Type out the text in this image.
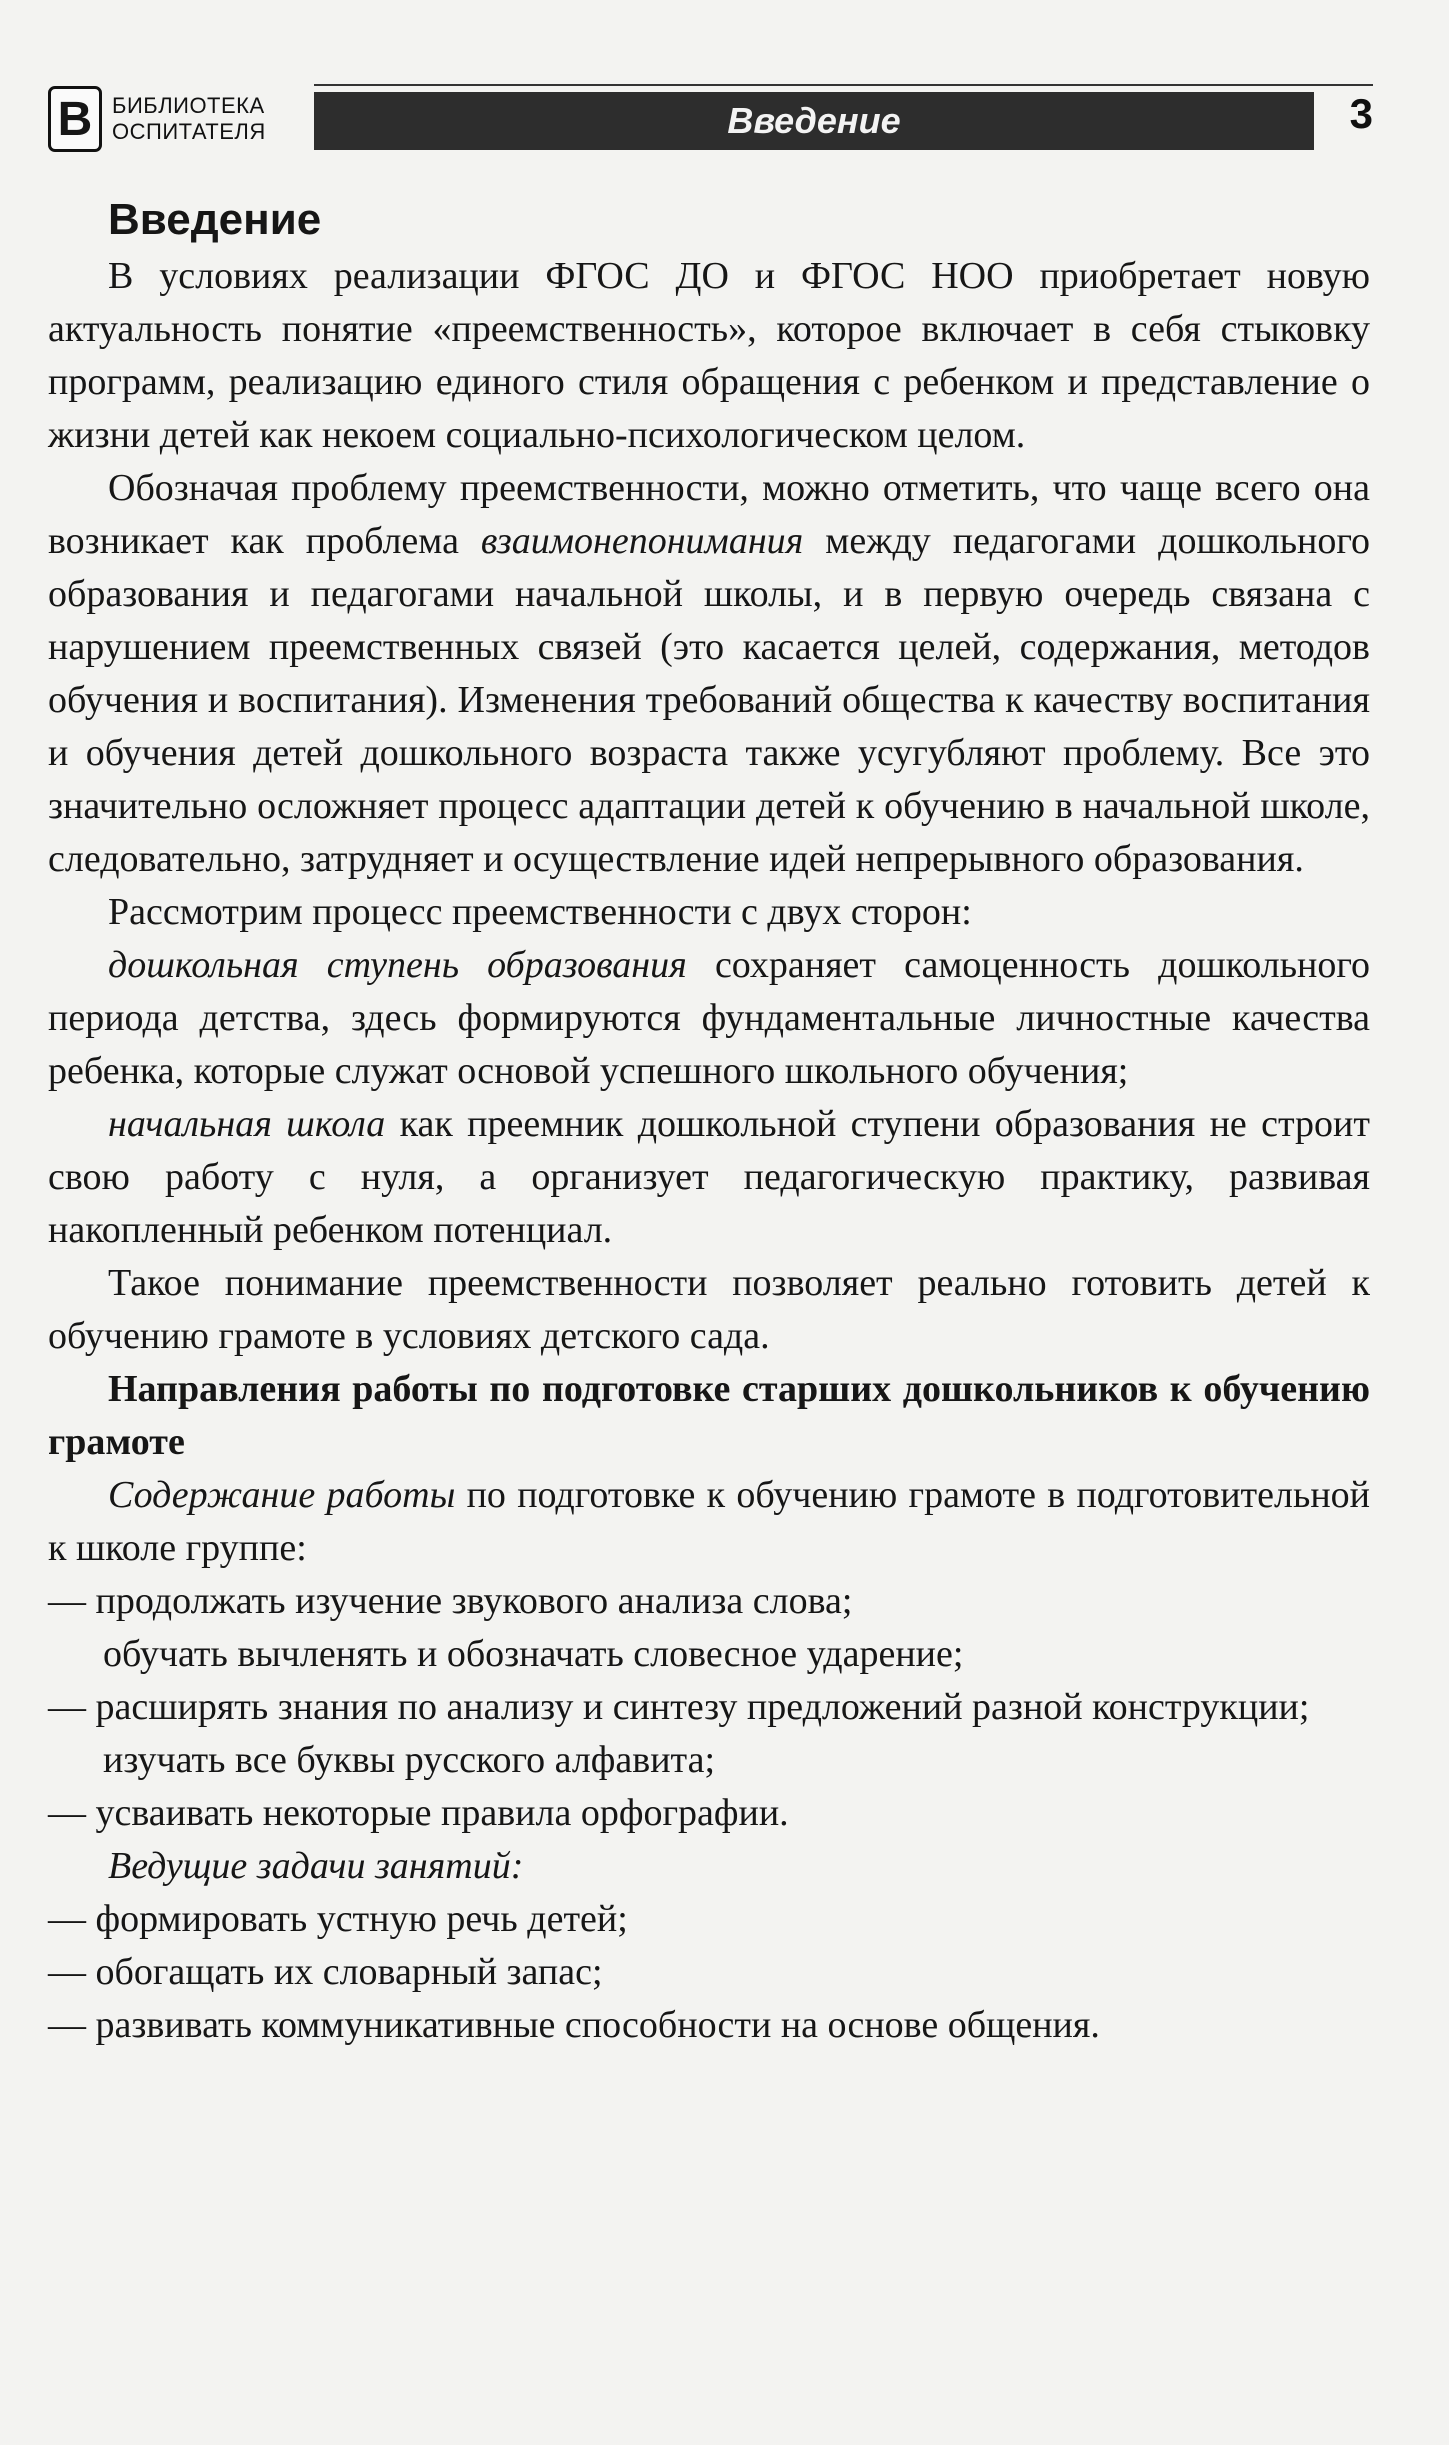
В БИБЛИОТЕКА
ОСПИТАТЕЛЯ	Введение	3
Введение

В условиях реализации ФГОС ДО и ФГОС НОО приобретает новую актуальность понятие «преемственность», которое включает в себя стыковку программ, реализацию единого стиля обращения с ребенком и представление о жизни детей как некоем социально-психологическом целом.

Обозначая проблему преемственности, можно отметить, что чаще всего она возникает как проблема взаимонепонимания между педагогами дошкольного образования и педагогами начальной школы, и в первую очередь связана с нарушением преемственных связей (это касается целей, содержания, методов обучения и воспитания). Изменения требований общества к качеству воспитания и обучения детей дошкольного возраста также усугубляют проблему. Все это значительно осложняет процесс адаптации детей к обучению в начальной школе, следовательно, затрудняет и осуществление идей непрерывного образования.

Рассмотрим процесс преемственности с двух сторон:

дошкольная ступень образования сохраняет самоценность дошкольного периода детства, здесь формируются фундаментальные личностные качества ребенка, которые служат основой успешного школьного обучения;

начальная школа как преемник дошкольной ступени образования не строит свою работу с нуля, а организует педагогическую практику, развивая накопленный ребенком потенциал.

Такое понимание преемственности позволяет реально готовить детей к обучению грамоте в условиях детского сада.

Направления работы по подготовке старших дошкольников к обучению грамоте

Содержание работы по подготовке к обучению грамоте в подготовительной к школе группе:

— продолжать изучение звукового анализа слова;

обучать вычленять и обозначать словесное ударение;

— расширять знания по анализу и синтезу предложений разной конструкции;

изучать все буквы русского алфавита;

— усваивать некоторые правила орфографии.

Ведущие задачи занятий:

— формировать устную речь детей;

— обогащать их словарный запас;

— развивать коммуникативные способности на основе общения.
